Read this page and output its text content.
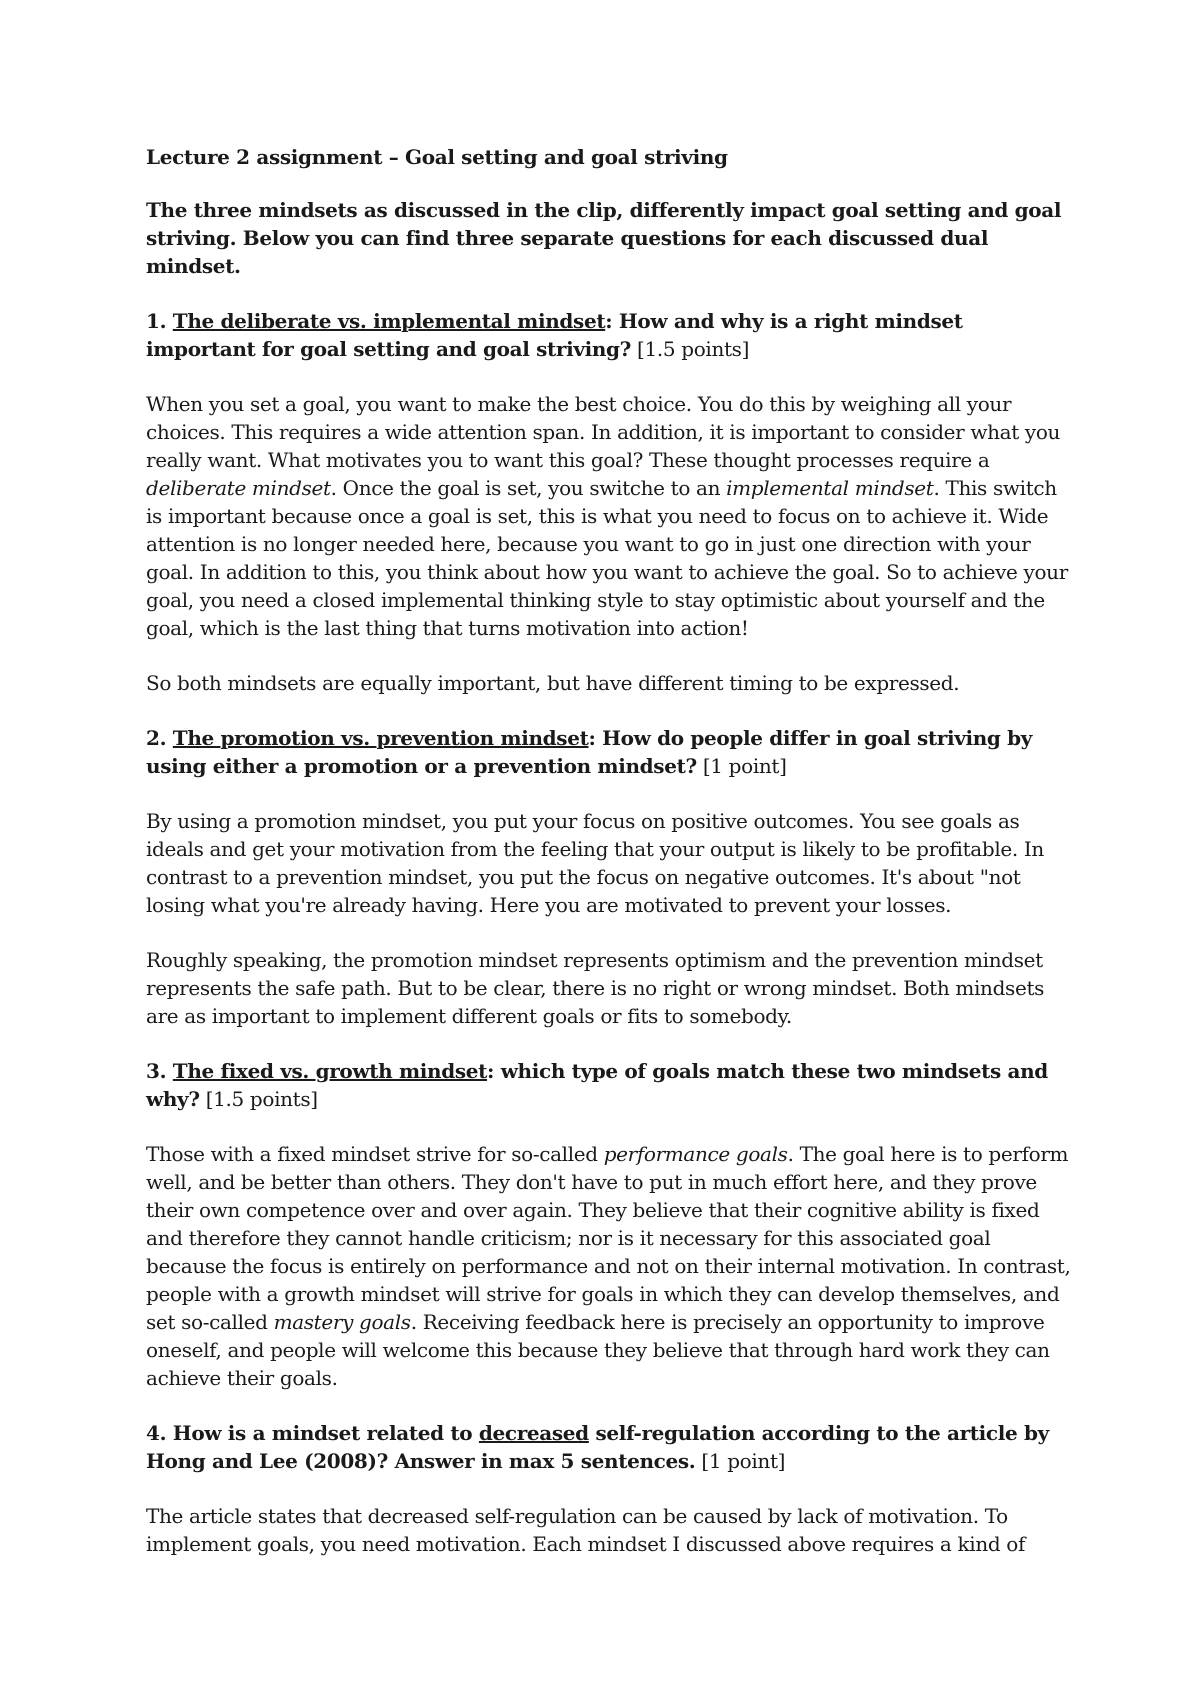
Lecture 2 assignment – Goal setting and goal striving

The three mindsets as discussed in the clip, differently impact goal setting and goal striving. Below you can find three separate questions for each discussed dual mindset.

1. The deliberate vs. implemental mindset: How and why is a right mindset important for goal setting and goal striving? [1.5 points]

When you set a goal, you want to make the best choice. You do this by weighing all your choices. This requires a wide attention span. In addition, it is important to consider what you really want. What motivates you to want this goal? These thought processes require a deliberate mindset. Once the goal is set, you switche to an implemental mindset. This switch is important because once a goal is set, this is what you need to focus on to achieve it. Wide attention is no longer needed here, because you want to go in just one direction with your goal. In addition to this, you think about how you want to achieve the goal. So to achieve your goal, you need a closed implemental thinking style to stay optimistic about yourself and the goal, which is the last thing that turns motivation into action!

So both mindsets are equally important, but have different timing to be expressed.

2. The promotion vs. prevention mindset: How do people differ in goal striving by using either a promotion or a prevention mindset? [1 point]

By using a promotion mindset, you put your focus on positive outcomes. You see goals as ideals and get your motivation from the feeling that your output is likely to be profitable. In contrast to a prevention mindset, you put the focus on negative outcomes. It's about "not losing what you're already having. Here you are motivated to prevent your losses.

Roughly speaking, the promotion mindset represents optimism and the prevention mindset represents the safe path. But to be clear, there is no right or wrong mindset. Both mindsets are as important to implement different goals or fits to somebody.

3. The fixed vs. growth mindset: which type of goals match these two mindsets and why? [1.5 points]

Those with a fixed mindset strive for so-called performance goals. The goal here is to perform well, and be better than others. They don't have to put in much effort here, and they prove their own competence over and over again. They believe that their cognitive ability is fixed and therefore they cannot handle criticism; nor is it necessary for this associated goal because the focus is entirely on performance and not on their internal motivation. In contrast, people with a growth mindset will strive for goals in which they can develop themselves, and set so-called mastery goals. Receiving feedback here is precisely an opportunity to improve oneself, and people will welcome this because they believe that through hard work they can achieve their goals.

4. How is a mindset related to decreased self-regulation according to the article by Hong and Lee (2008)? Answer in max 5 sentences. [1 point]

The article states that decreased self-regulation can be caused by lack of motivation. To implement goals, you need motivation. Each mindset I discussed above requires a kind of
